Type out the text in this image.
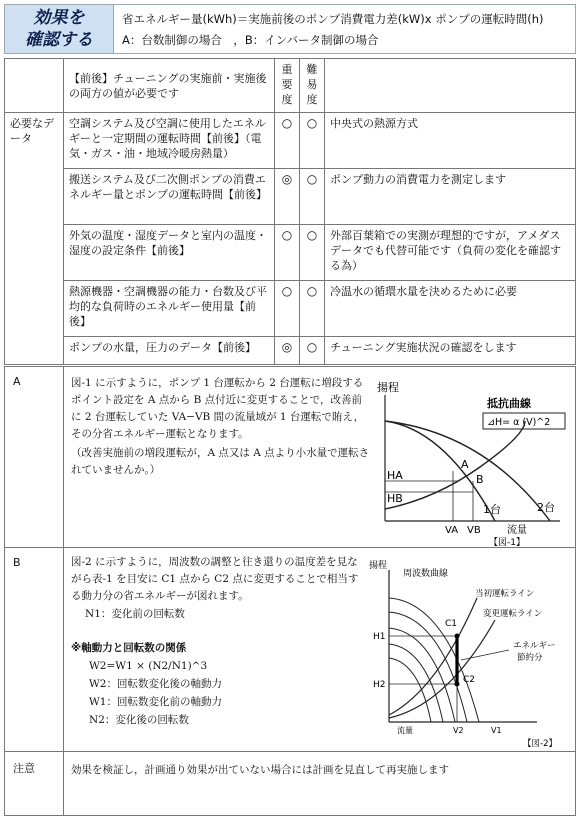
効果を
確認する
省エネルギー量(kWh)＝実施前後のポンプ消費電力差(kW)x ポンプの運転時間(h)
A：台数制御の場合　，B：インバータ制御の場合
	【前後】チューニングの実施前・実施後の両方の値が必要です	重要度	難易度	
必要なデータ	空調システム及び空調に使用したエネルギーと一定期間の運転時間【前後】（電気・ガス・油・地域冷暖房熱量）	○	○	中央式の熱源方式
	搬送システム及び二次側ポンプの消費エネルギー量とポンプの運転時間【前後】	◎	○	ポンプ動力の消費電力を測定します
	外気の温度・湿度データと室内の温度・湿度の設定条件【前後】	○	○	外部百葉箱での実測が理想的ですが，アメダスデータでも代替可能です（負荷の変化を確認する為）
	熱源機器・空調機器の能力・台数及び平均的な負荷時のエネルギー使用量【前後】	○	○	冷温水の循環水量を決めるために必要
	ポンプの水量，圧力のデータ【前後】	◎	○	チューニング実施状況の確認をします
A	図-1 に示すように，ポンプ 1 台運転から 2 台運転に増段するポイント設定を A 点から B 点付近に変更することで，改善前に 2 台運転していた VA−VB 間の流量域が 1 台運転で賄え，その分省エネルギー運転となります。
（改善実施前の増段運転が，A 点又は A 点より小水量で運転されていませんか。）
揚程
抵抗曲線
⊿H= α (V)^2
HA
HB
A
B
1台	2台
VA VB	流量
【図-1】
B	図-2 に示すように，周波数の調整と往き還りの温度差を見ながら表-1 を目安に C1 点から C2 点に変更することで相当する動力分の省エネルギーが図れます。
N1：変化前の回転数
※軸動力と回転数の関係
W2=W1 × (N2/N1)^3
W2：回転数変化後の軸動力
W1：回転数変化前の軸動力
N2：変化後の回転数
揚程
周波数曲線
当初運転ライン
変更運転ライン
C1
C2
H1
H2
エネルギー
節約分
流量	V2	V1
【図-2】
注意	効果を検証し，計画通り効果が出ていない場合には計画を見直して再実施します
